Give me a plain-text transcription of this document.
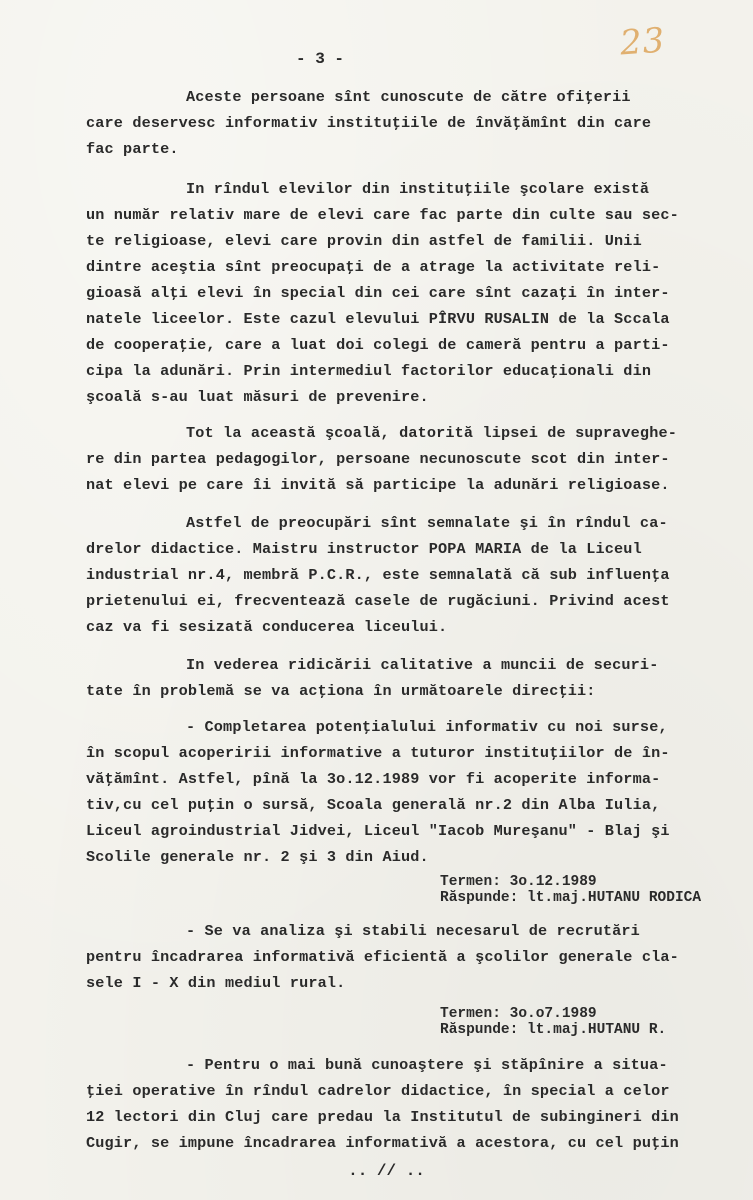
23
- 3 -
Aceste persoane sînt cunoscute de către ofiţerii
care deservesc informativ instituţiile de învăţămînt din care
fac parte.
In rîndul elevilor din instituţiile şcolare există
un număr relativ mare de elevi care fac parte din culte sau sec-
te religioase, elevi care provin din astfel de familii. Unii
dintre aceştia sînt preocupaţi de a atrage la activitate reli-
gioasă alţi elevi în special din cei care sînt cazaţi în inter-
natele liceelor. Este cazul elevului PÎRVU RUSALIN de la Sccala
de cooperaţie, care a luat doi colegi de cameră pentru a parti-
cipa la adunări. Prin intermediul factorilor educaţionali din
şcoală s-au luat măsuri de prevenire.
Tot la această şcoală, datorită lipsei de supraveghe-
re din partea pedagogilor, persoane necunoscute scot din inter-
nat elevi pe care îi invită să participe la adunări religioase.
Astfel de preocupări sînt semnalate şi în rîndul ca-
drelor didactice. Maistru instructor POPA MARIA de la Liceul
industrial nr.4, membră P.C.R., este semnalată că sub influenţa
prietenului ei, frecventează casele de rugăciuni. Privind acest
caz va fi sesizată conducerea liceului.
In vederea ridicării calitative a muncii de securi-
tate în problemă se va acţiona în următoarele direcţii:
- Completarea potenţialului informativ cu noi surse,
în scopul acoperirii informative a tuturor instituţiilor de în-
văţămînt. Astfel, pînă la 3o.12.1989 vor fi acoperite informa-
tiv,cu cel puţin o sursă, Scoala generală nr.2 din Alba Iulia,
Liceul agroindustrial Jidvei, Liceul "Iacob Mureşanu" - Blaj şi
Scolile generale nr. 2 şi 3 din Aiud.
Termen: 3o.12.1989
Răspunde: lt.maj.HUTANU RODICA
- Se va analiza şi stabili necesarul de recrutări
pentru încadrarea informativă eficientă a şcolilor generale cla-
sele I - X din mediul rural.
Termen: 3o.o7.1989
Răspunde: lt.maj.HUTANU R.
- Pentru o mai bună cunoaştere şi stăpînire a situa-
ţiei operative în rîndul cadrelor didactice, în special a celor
12 lectori din Cluj care predau la Institutul de subingineri din
Cugir, se impune încadrarea informativă a acestora, cu cel puţin
.. // ..
